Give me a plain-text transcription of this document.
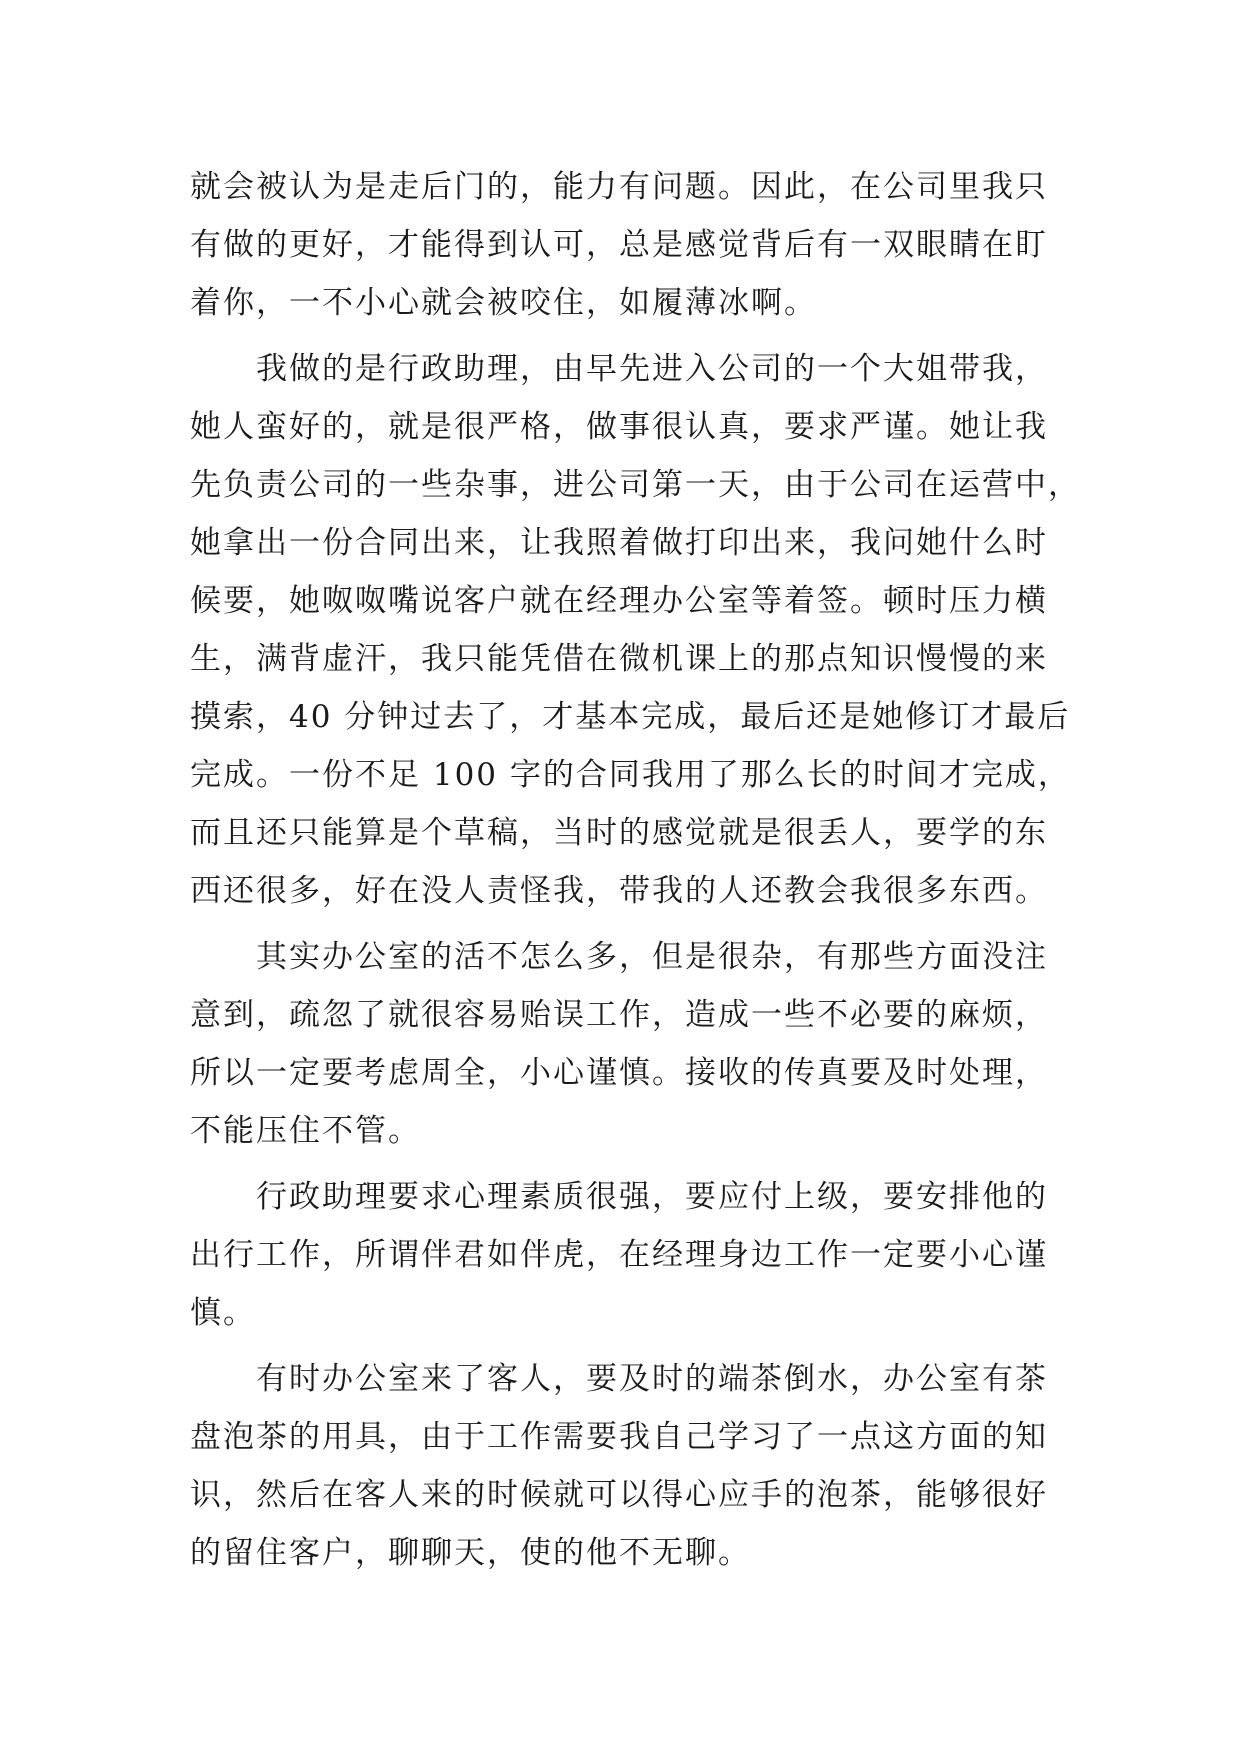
就会被认为是走后门的，能力有问题。因此，在公司里我只
有做的更好，才能得到认可，总是感觉背后有一双眼睛在盯
着你，一不小心就会被咬住，如履薄冰啊。

我做的是行政助理，由早先进入公司的一个大姐带我，
她人蛮好的，就是很严格，做事很认真，要求严谨。她让我
先负责公司的一些杂事，进公司第一天，由于公司在运营中，
她拿出一份合同出来，让我照着做打印出来，我问她什么时
候要，她呶呶嘴说客户就在经理办公室等着签。顿时压力横
生，满背虚汗，我只能凭借在微机课上的那点知识慢慢的来
摸索，40 分钟过去了，才基本完成，最后还是她修订才最后
完成。一份不足 100 字的合同我用了那么长的时间才完成，
而且还只能算是个草稿，当时的感觉就是很丢人，要学的东
西还很多，好在没人责怪我，带我的人还教会我很多东西。

其实办公室的活不怎么多，但是很杂，有那些方面没注
意到，疏忽了就很容易贻误工作，造成一些不必要的麻烦，
所以一定要考虑周全，小心谨慎。接收的传真要及时处理，
不能压住不管。

行政助理要求心理素质很强，要应付上级，要安排他的
出行工作，所谓伴君如伴虎，在经理身边工作一定要小心谨
慎。

有时办公室来了客人，要及时的端茶倒水，办公室有茶
盘泡茶的用具，由于工作需要我自己学习了一点这方面的知
识，然后在客人来的时候就可以得心应手的泡茶，能够很好
的留住客户，聊聊天，使的他不无聊。
